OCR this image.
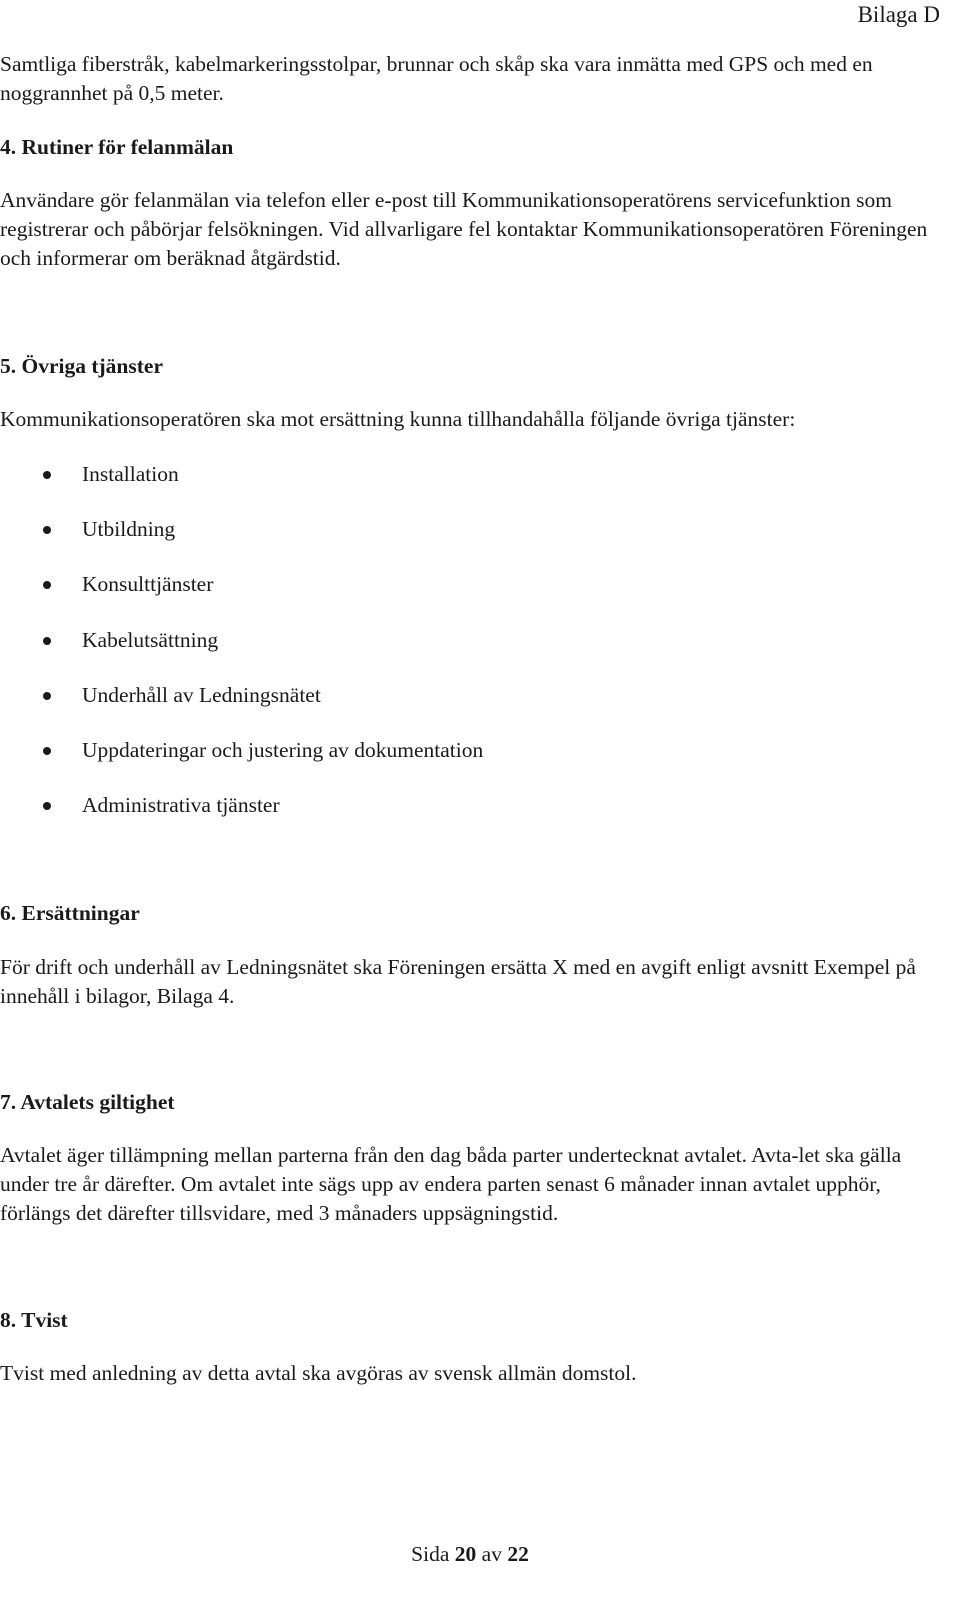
Bilaga D

Samtliga fiberstråk, kabelmarkeringsstolpar, brunnar och skåp ska vara inmätta med GPS och med en noggrannhet på 0,5 meter.

4. Rutiner för felanmälan

Användare gör felanmälan via telefon eller e-post till Kommunikationsoperatörens servicefunktion som registrerar och påbörjar felsökningen. Vid allvarligare fel kontaktar Kommunikationsoperatören Föreningen och informerar om beräknad åtgärdstid.

5. Övriga tjänster

Kommunikationsoperatören ska mot ersättning kunna tillhandahålla följande övriga tjänster:

Installation
Utbildning
Konsulttjänster
Kabelutsättning
Underhåll av Ledningsnätet
Uppdateringar och justering av dokumentation
Administrativa tjänster
6. Ersättningar

För drift och underhåll av Ledningsnätet ska Föreningen ersätta X med en avgift enligt avsnitt Exempel på innehåll i bilagor, Bilaga 4.

7. Avtalets giltighet

Avtalet äger tillämpning mellan parterna från den dag båda parter undertecknat avtalet. Avta-let ska gälla under tre år därefter. Om avtalet inte sägs upp av endera parten senast 6 månader innan avtalet upphör, förlängs det därefter tillsvidare, med 3 månaders uppsägningstid.

8. Tvist

Tvist med anledning av detta avtal ska avgöras av svensk allmän domstol.

Sida 20 av 22
